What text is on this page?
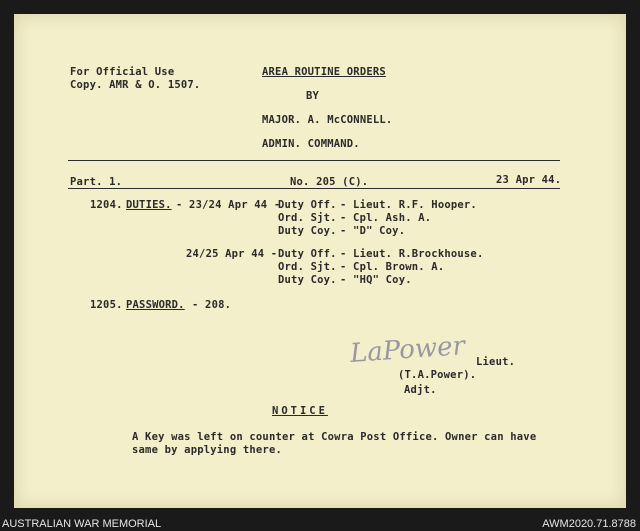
For Official Use
Copy. AMR & O. 1507.
AREA ROUTINE ORDERS
BY
MAJOR. A. McCONNELL.
ADMIN. COMMAND.
Part. 1.	No. 205 (C).	23 Apr 44.
1204. DUTIES. - 23/24 Apr 44 -
Duty Off. - Lieut. R.F. Hooper.
Ord. Sjt. - Cpl. Ash. A.
Duty Coy. - "D" Coy.
24/25 Apr 44 - Duty Off. - Lieut. R.Brockhouse.
Ord. Sjt. - Cpl. Brown. A.
Duty Coy. - "HQ" Coy.
1205. PASSWORD. - 208.
LaPower Lieut.
(T.A.Power).
Adjt.
NOTICE
A Key was left on counter at Cowra Post Office. Owner can have
same by applying there.
AUSTRALIAN WAR MEMORIAL	AWM2020.71.8788
